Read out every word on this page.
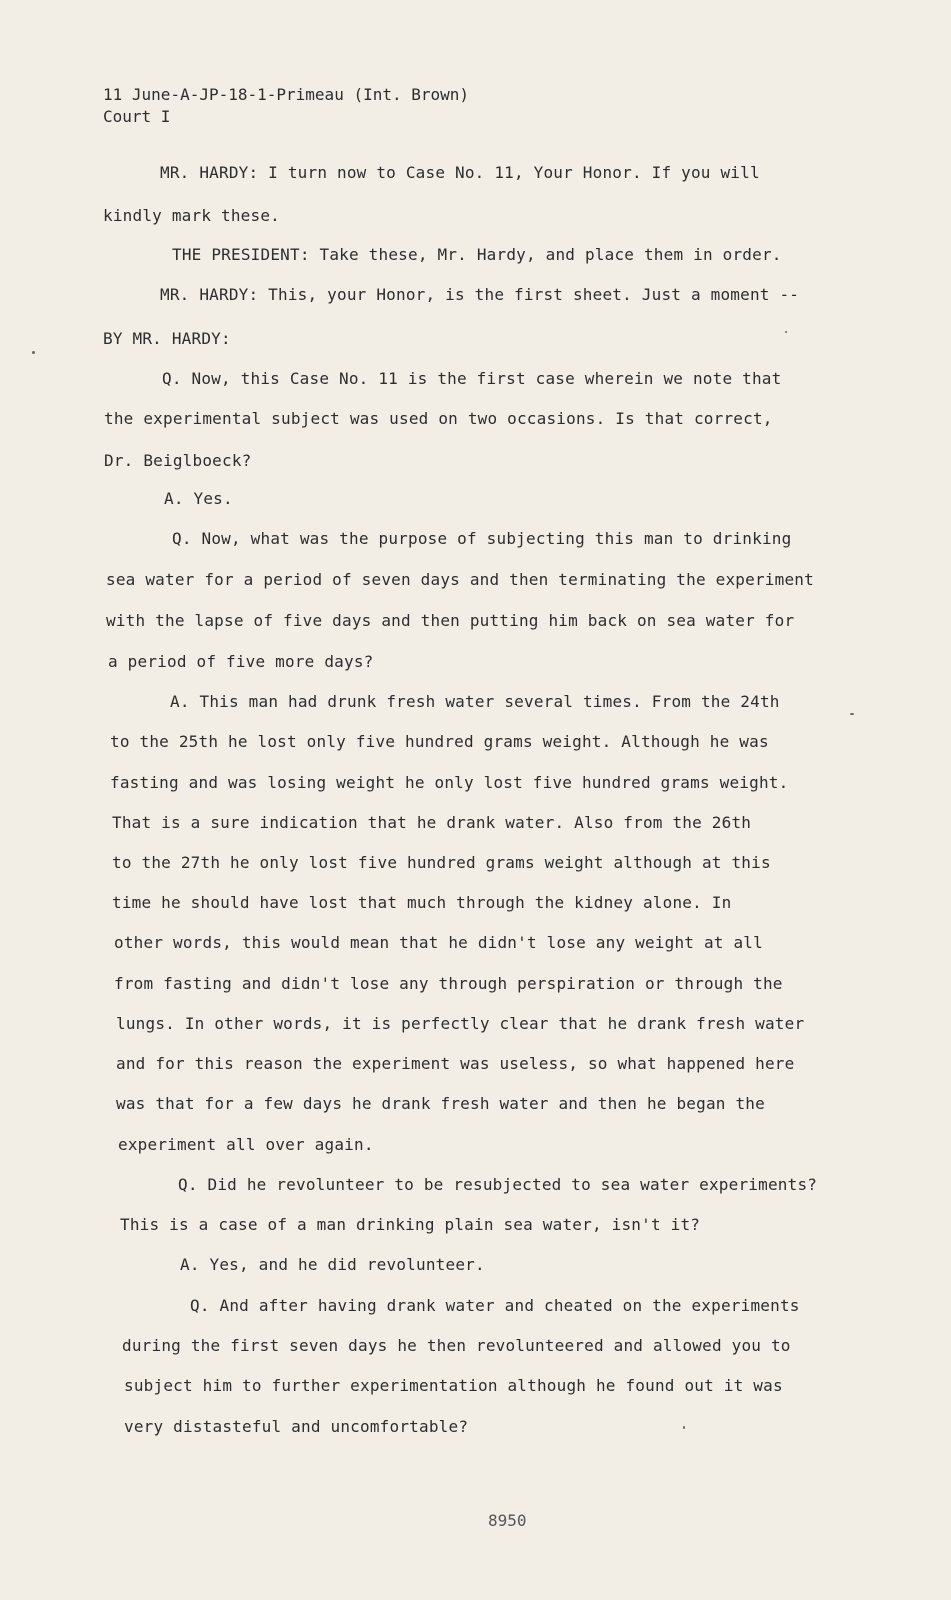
11 June-A-JP-18-1-Primeau (Int. Brown)
Court I
MR. HARDY: I turn now to Case No. 11, Your Honor. If you will
kindly mark these.
THE PRESIDENT: Take these, Mr. Hardy, and place them in order.
MR. HARDY: This, your Honor, is the first sheet. Just a moment --
BY MR. HARDY:
Q. Now, this Case No. 11 is the first case wherein we note that
the experimental subject was used on two occasions. Is that correct,
Dr. Beiglboeck?
A. Yes.
Q. Now, what was the purpose of subjecting this man to drinking
sea water for a period of seven days and then terminating the experiment
with the lapse of five days and then putting him back on sea water for
a period of five more days?
A. This man had drunk fresh water several times. From the 24th
to the 25th he lost only five hundred grams weight. Although he was
fasting and was losing weight he only lost five hundred grams weight.
That is a sure indication that he drank water. Also from the 26th
to the 27th he only lost five hundred grams weight although at this
time he should have lost that much through the kidney alone. In
other words, this would mean that he didn't lose any weight at all
from fasting and didn't lose any through perspiration or through the
lungs. In other words, it is perfectly clear that he drank fresh water
and for this reason the experiment was useless, so what happened here
was that for a few days he drank fresh water and then he began the
experiment all over again.
Q. Did he revolunteer to be resubjected to sea water experiments?
This is a case of a man drinking plain sea water, isn't it?
A. Yes, and he did revolunteer.
Q. And after having drank water and cheated on the experiments
during the first seven days he then revolunteered and allowed you to
subject him to further experimentation although he found out it was
very distasteful and uncomfortable?
8950
